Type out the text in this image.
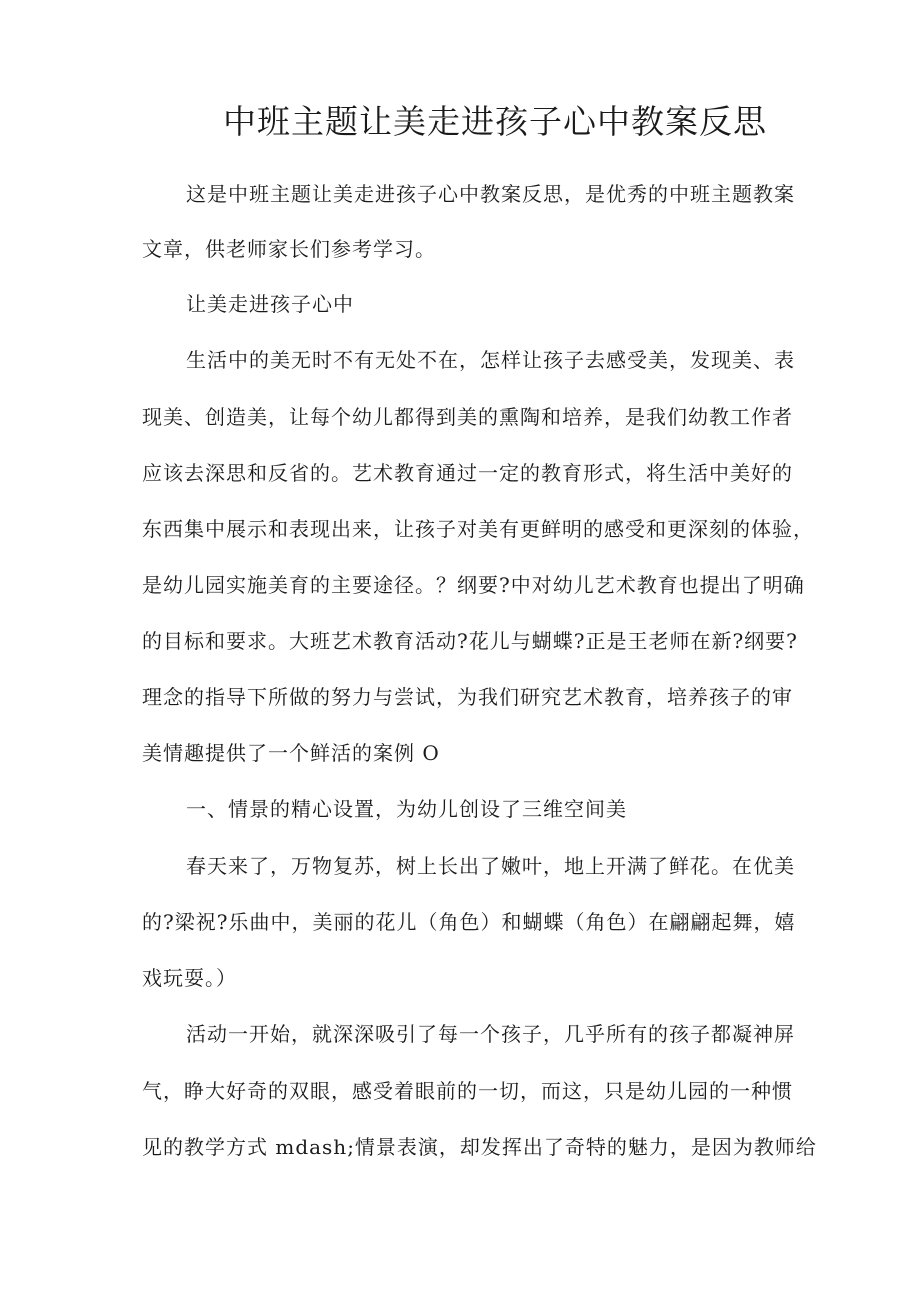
中班主题让美走进孩子心中教案反思
这是中班主题让美走进孩子心中教案反思，是优秀的中班主题教案
文章，供老师家长们参考学习。
让美走进孩子心中
生活中的美无时不有无处不在，怎样让孩子去感受美，发现美、表
现美、创造美，让每个幼儿都得到美的熏陶和培养，是我们幼教工作者
应该去深思和反省的。艺术教育通过一定的教育形式，将生活中美好的
东西集中展示和表现出来，让孩子对美有更鲜明的感受和更深刻的体验，
是幼儿园实施美育的主要途径。？纲要?中对幼儿艺术教育也提出了明确
的目标和要求。大班艺术教育活动?花儿与蝴蝶?正是王老师在新?纲要?
理念的指导下所做的努力与尝试，为我们研究艺术教育，培养孩子的审
美情趣提供了一个鲜活的案例 O
一、情景的精心设置，为幼儿创设了三维空间美
春天来了，万物复苏，树上长出了嫩叶，地上开满了鲜花。在优美
的?梁祝?乐曲中，美丽的花儿（角色）和蝴蝶（角色）在翩翩起舞，嬉
戏玩耍。）
活动一开始，就深深吸引了每一个孩子，几乎所有的孩子都凝神屏
气，睁大好奇的双眼，感受着眼前的一切，而这，只是幼儿园的一种惯
见的教学方式 mdash;情景表演，却发挥出了奇特的魅力，是因为教师给
